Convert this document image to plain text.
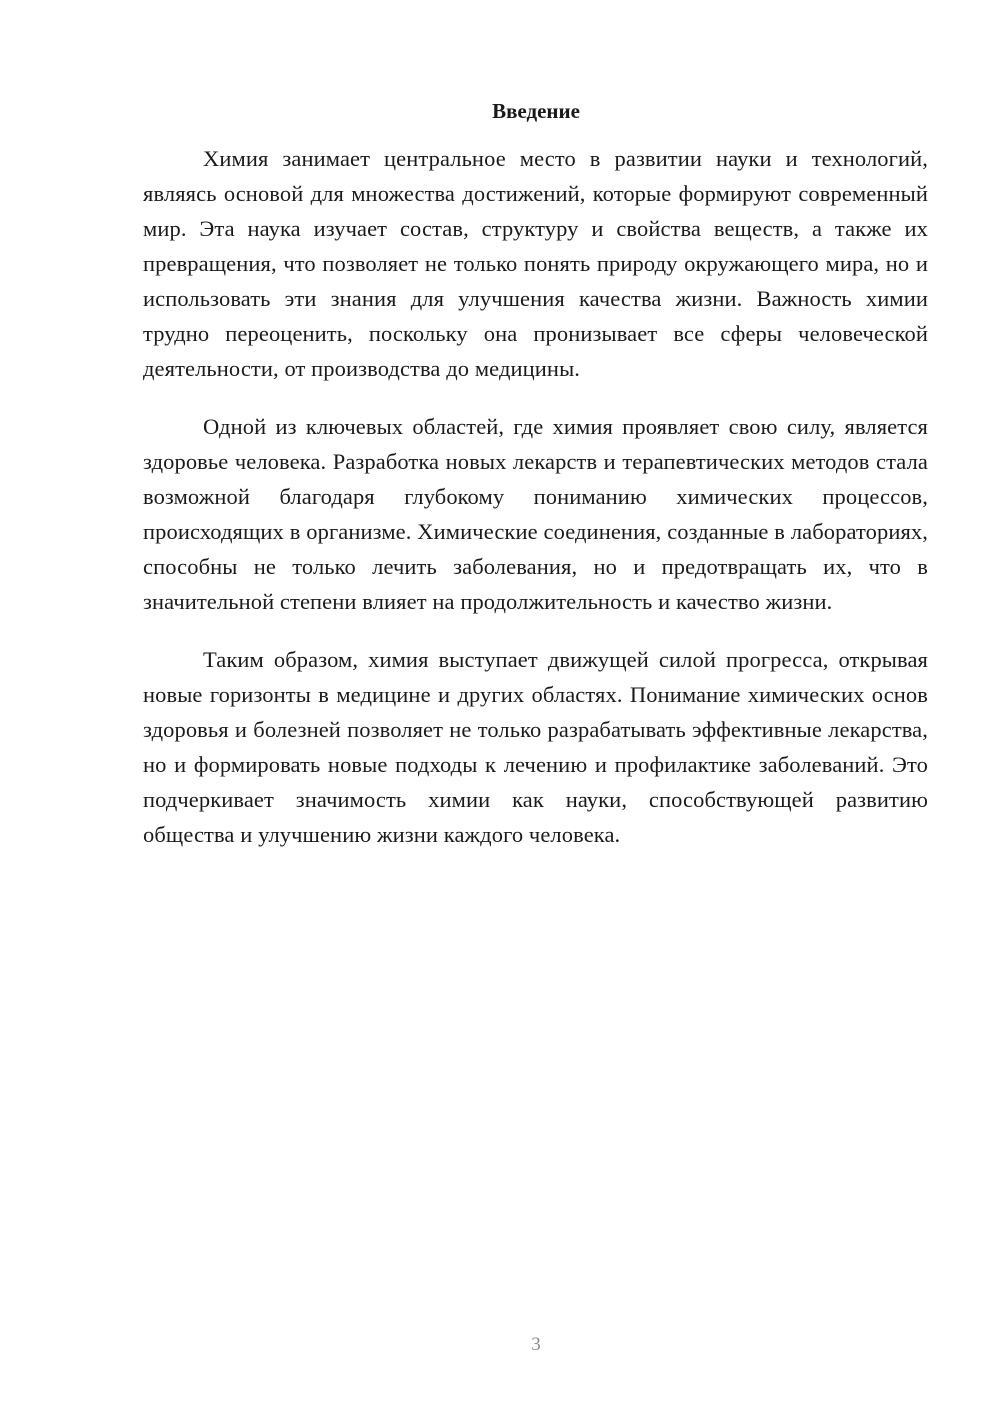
Введение

Химия занимает центральное место в развитии науки и технологий, являясь основой для множества достижений, которые формируют современный мир. Эта наука изучает состав, структуру и свойства веществ, а также их превращения, что позволяет не только понять природу окружающего мира, но и использовать эти знания для улучшения качества жизни. Важность химии трудно переоценить, поскольку она пронизывает все сферы человеческой деятельности, от производства до медицины.

Одной из ключевых областей, где химия проявляет свою силу, является здоровье человека. Разработка новых лекарств и терапевтических методов стала возможной благодаря глубокому пониманию химических процессов, происходящих в организме. Химические соединения, созданные в лабораториях, способны не только лечить заболевания, но и предотвращать их, что в значительной степени влияет на продолжительность и качество жизни.

Таким образом, химия выступает движущей силой прогресса, открывая новые горизонты в медицине и других областях. Понимание химических основ здоровья и болезней позволяет не только разрабатывать эффективные лекарства, но и формировать новые подходы к лечению и профилактике заболеваний. Это подчеркивает значимость химии как науки, способствующей развитию общества и улучшению жизни каждого человека.

3
